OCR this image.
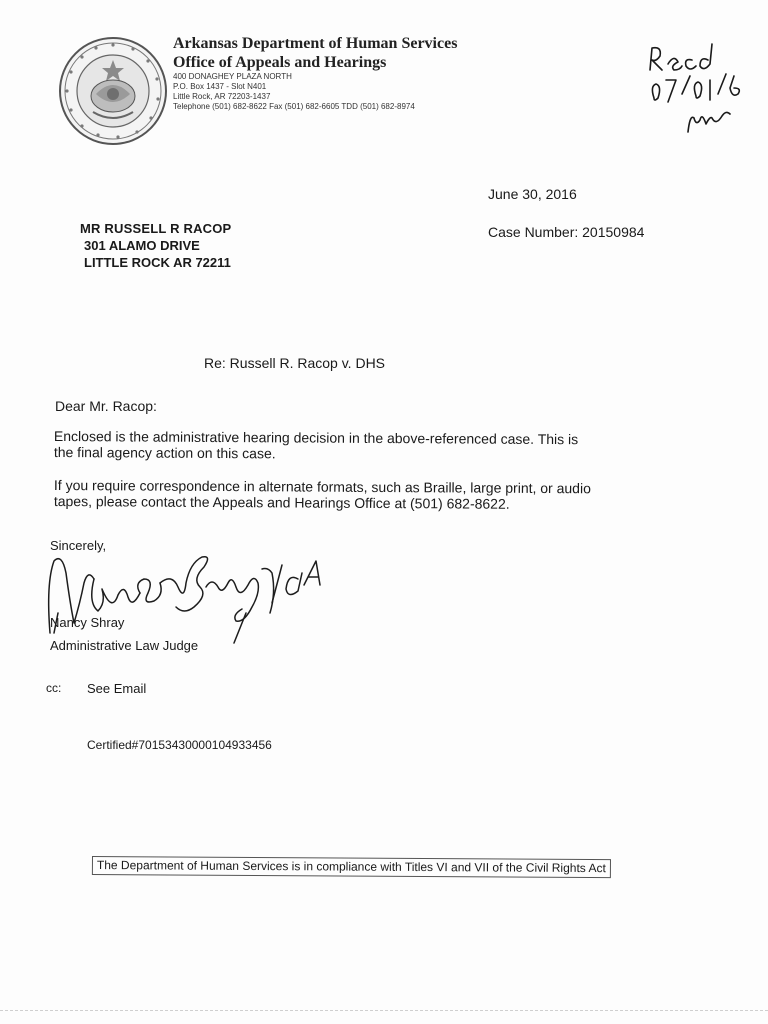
Arkansas Department of Human Services
Office of Appeals and Hearings
400 DONAGHEY PLAZA NORTH
P.O. Box 1437 - Slot N401
Little Rock, AR 72203-1437
Telephone (501) 682-8622 Fax (501) 682-6605 TDD (501) 682-8974
Rec'd 07/01/16 RRR
June 30, 2016
Case Number: 20150984
MR RUSSELL R RACOP
301 ALAMO DRIVE
LITTLE ROCK AR 72211
Re: Russell R. Racop v. DHS
Dear Mr. Racop:
Enclosed is the administrative hearing decision in the above-referenced case. This is
the final agency action on this case.
If you require correspondence in alternate formats, such as Braille, large print, or audio
tapes, please contact the Appeals and Hearings Office at (501) 682-8622.
Sincerely,
Nancy Shray
Administrative Law Judge
cc: See Email
Certified#70153430000104933456
The Department of Human Services is in compliance with Titles VI and VII of the Civil Rights Act
